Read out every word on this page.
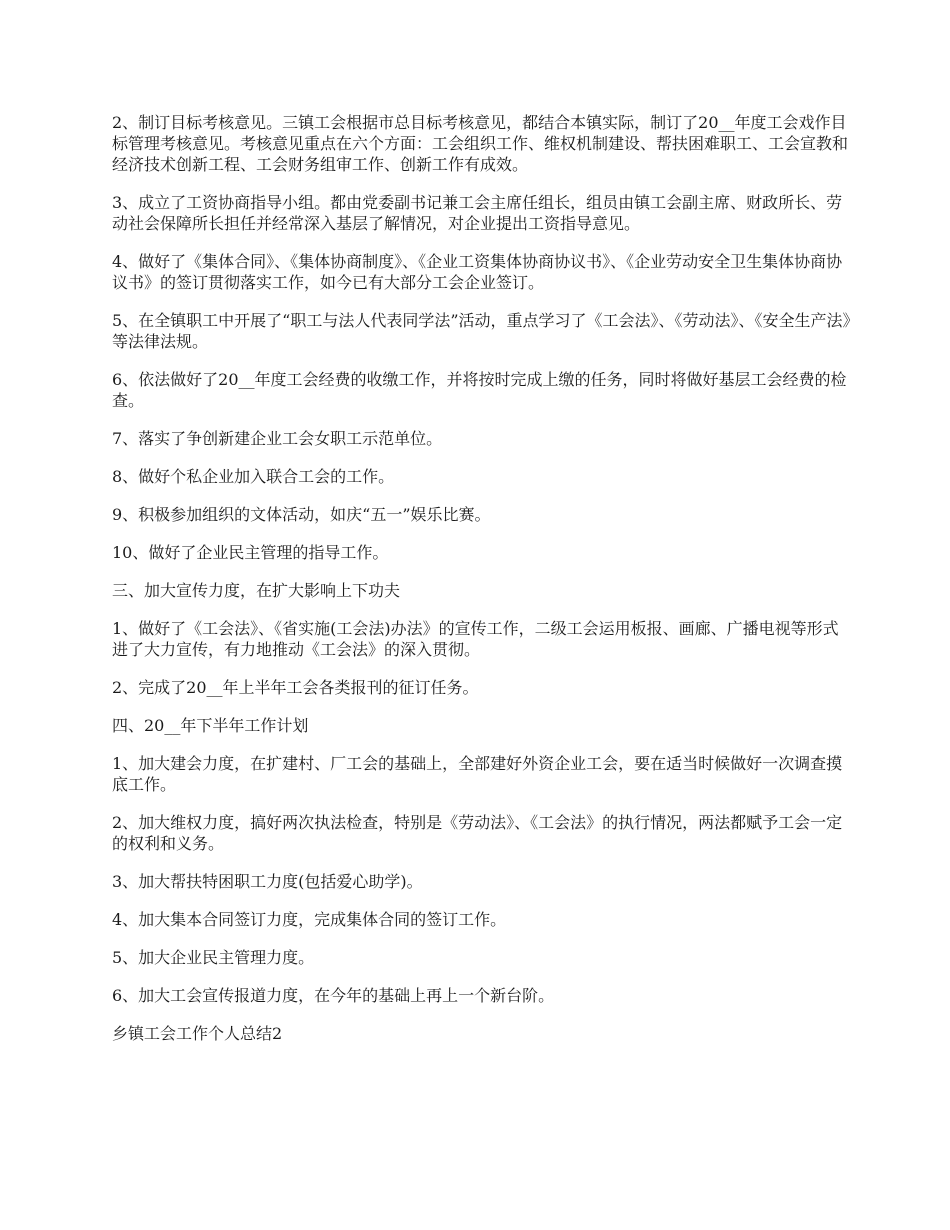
2、制订目标考核意见。三镇工会根据市总目标考核意见，都结合本镇实际，制订了20__年度工会戏作目标管理考核意见。考核意见重点在六个方面：工会组织工作、维权机制建设、帮扶困难职工、工会宣教和经济技术创新工程、工会财务组审工作、创新工作有成效。

3、成立了工资协商指导小组。都由党委副书记兼工会主席任组长，组员由镇工会副主席、财政所长、劳动社会保障所长担任并经常深入基层了解情况，对企业提出工资指导意见。

4、做好了《集体合同》、《集体协商制度》、《企业工资集体协商协议书》、《企业劳动安全卫生集体协商协议书》的签订贯彻落实工作，如今已有大部分工会企业签订。

5、在全镇职工中开展了“职工与法人代表同学法”活动，重点学习了《工会法》、《劳动法》、《安全生产法》等法律法规。

6、依法做好了20__年度工会经费的收缴工作，并将按时完成上缴的任务，同时将做好基层工会经费的检查。

7、落实了争创新建企业工会女职工示范单位。

8、做好个私企业加入联合工会的工作。

9、积极参加组织的文体活动，如庆“五一”娱乐比赛。

10、做好了企业民主管理的指导工作。

三、加大宣传力度，在扩大影响上下功夫

1、做好了《工会法》、《省实施(工会法)办法》的宣传工作，二级工会运用板报、画廊、广播电视等形式进了大力宣传，有力地推动《工会法》的深入贯彻。

2、完成了20__年上半年工会各类报刊的征订任务。

四、20__年下半年工作计划

1、加大建会力度，在扩建村、厂工会的基础上，全部建好外资企业工会，要在适当时候做好一次调查摸底工作。

2、加大维权力度，搞好两次执法检查，特别是《劳动法》、《工会法》的执行情况，两法都赋予工会一定的权利和义务。

3、加大帮扶特困职工力度(包括爱心助学)。

4、加大集本合同签订力度，完成集体合同的签订工作。

5、加大企业民主管理力度。

6、加大工会宣传报道力度，在今年的基础上再上一个新台阶。

乡镇工会工作个人总结2
